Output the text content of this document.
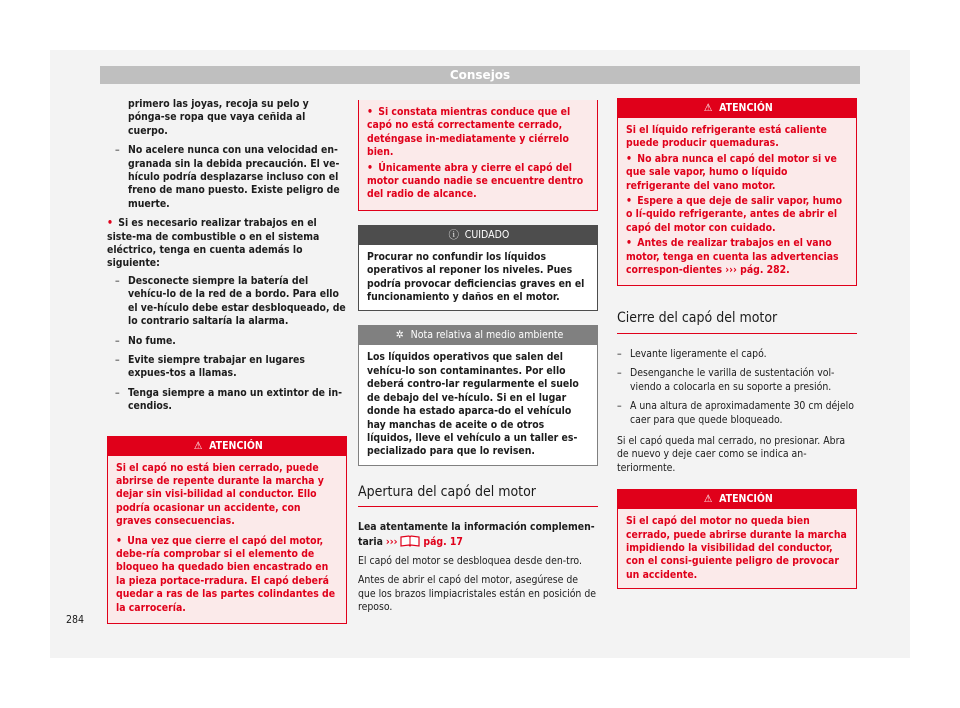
Consejos

primero las joyas, recoja su pelo y pónga-se ropa que vaya ceñida al cuerpo.

– No acelere nunca con una velocidad en-granada sin la debida precaución. El ve-hículo podría desplazarse incluso con el freno de mano puesto. Existe peligro de muerte.
• Si es necesario realizar trabajos en el siste-ma de combustible o en el sistema eléctrico, tenga en cuenta además lo siguiente:
– Desconecte siempre la batería del vehícu-lo de la red de a bordo. Para ello el ve-hículo debe estar desbloqueado, de lo contrario saltaría la alarma.
– No fume.
– Evite siempre trabajar en lugares expues-tos a llamas.
– Tenga siempre a mano un extintor de in-cendios.
⚠ ATENCIÓN

Si el capó no está bien cerrado, puede abrirse de repente durante la marcha y dejar sin visi-bilidad al conductor. Ello podría ocasionar un accidente, con graves consecuencias.

• Una vez que cierre el capó del motor, debe-ría comprobar si el elemento de bloqueo ha quedado bien encastrado en la pieza portace-rradura. El capó deberá quedar a ras de las partes colindantes de la carrocería.
• Si constata mientras conduce que el capó no está correctamente cerrado, deténgase in-mediatamente y ciérrelo bien.
• Únicamente abra y cierre el capó del motor cuando nadie se encuentre dentro del radio de alcance.
ⓘ CUIDADO
Procurar no confundir los líquidos operativos al reponer los niveles. Pues podría provocar deficiencias graves en el funcionamiento y daños en el motor.
✲ Nota relativa al medio ambiente
Los líquidos operativos que salen del vehícu-lo son contaminantes. Por ello deberá contro-lar regularmente el suelo de debajo del ve-hículo. Si en el lugar donde ha estado aparca-do el vehículo hay manchas de aceite o de otros líquidos, lleve el vehículo a un taller es-pecializado para que lo revisen.
Apertura del capó del motor

Lea atentamente la información complemen-taria ››› pág. 17

El capó del motor se desbloquea desde den-tro.

Antes de abrir el capó del motor, asegúrese de que los brazos limpiacristales están en posición de reposo.

⚠ ATENCIÓN

Si el líquido refrigerante está caliente puede producir quemaduras.

• No abra nunca el capó del motor si ve que sale vapor, humo o líquido refrigerante del vano motor.
• Espere a que deje de salir vapor, humo o lí-quido refrigerante, antes de abrir el capó del motor con cuidado.
• Antes de realizar trabajos en el vano motor, tenga en cuenta las advertencias correspon-dientes ››› pág. 282.
Cierre del capó del motor
– Levante ligeramente el capó.
– Desenganche le varilla de sustentación vol-viendo a colocarla en su soporte a presión.
– A una altura de aproximadamente 30 cm déjelo caer para que quede bloqueado.

Si el capó queda mal cerrado, no presionar. Abra de nuevo y deje caer como se indica an-teriormente.

⚠ ATENCIÓN
Si el capó del motor no queda bien cerrado, puede abrirse durante la marcha impidiendo la visibilidad del conductor, con el consi-guiente peligro de provocar un accidente.
284
